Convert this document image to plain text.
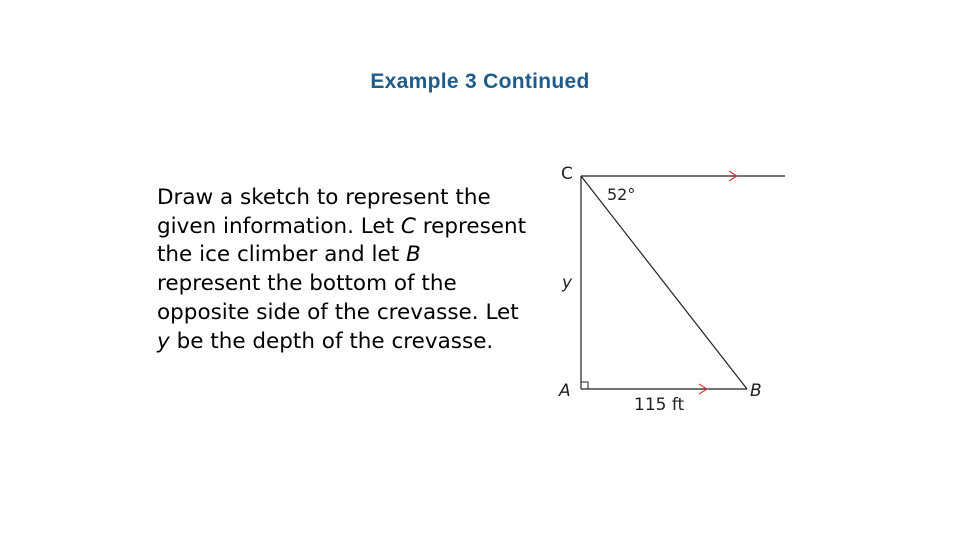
Example 3 Continued

Draw a sketch to represent the given information. Let C represent the ice climber and let B represent the bottom of the opposite side of the crevasse. Let y be the depth of the crevasse.

C
52°
y
A	B
115 ft
